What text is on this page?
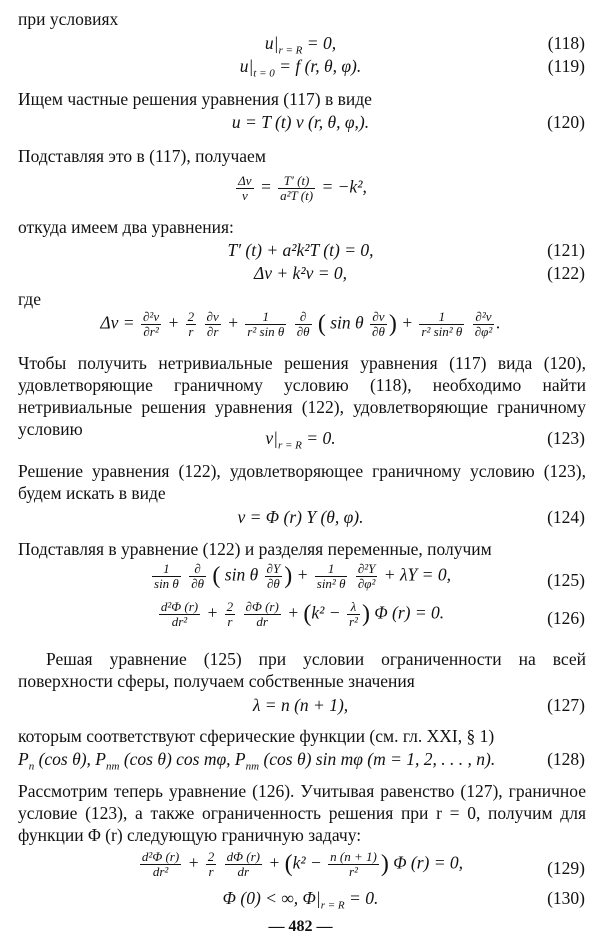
при условиях
$u|_{r = R} = 0$,	(118)
$u|_{t = 0} = f$ (r, θ, φ).	(119)
Ищем частные решения уравнения (117) в виде
u = T (t) v (r, θ, φ,).	(120)
Подставляя это в (117), получаем
$\frac{\Delta v}{v} = \frac{T' (t)}{\text{a²T (t)}} = -k^2$,
откуда имеем два уравнения:
T′ (t) + a²k²T (t) = 0,	(121)
Δv + k²v = 0,	(122)
где
$\Delta v = \frac{\text{∂²v}}{\text{∂r²}} + \frac{2}{r}$
$\frac{\partial v}{\partial r} + \frac{1}{\text{r² sin θ}}$
$\frac{\partial}{\partial\theta}$ ( sin θ $\frac{\partial v}{\partial\theta}$ ) + $\frac{1}{\text{r² sin² θ}}$
$\frac{\text{∂²v}}{\text{∂φ²}}$ .
Чтобы получить нетривиальные решения уравнения (117) вида (120), удовлетворяющие граничному условию (118), необходимо найти нетривиальные решения уравнения (122), удовлетворяющие граничному условию	$v|_{r = R} = 0$.	(123)
Решение уравнения (122), удовлетворяющее граничному условию (123), будем искать в виде
v = Φ (r) Y (θ, φ).	(124)
Подставляя в уравнение (122) и разделяя переменные, получим
$\frac{1}{\text{sin θ}}$
$\frac{\partial}{\partial\theta}$ ( sin θ $\frac{\partial Y}{\partial\theta}$ ) + $\frac{1}{\text{sin² θ}}$
$\frac{\text{∂²Y}}{\text{∂φ²}} + \lambda Y = 0$,	(125)
$\frac{\text{d²Φ (r)}}{\text{dr²}} + \frac{2}{r}$
$\frac{\partial\Phi (r)}{dr} + (k^2 - \frac{\lambda}{\text{r²}}$ ) Φ (r) = 0.	(126)
Решая уравнение (125) при условии ограниченности на всей поверхности сферы, получаем собственные значения
λ = n (n + 1),	(127)
которым соответствуют сферические функции (см. гл. XXI, § 1)
$P_n$ (cos θ), $P_{nm}$ (cos θ) cos mφ, $P_{nm}$ (cos θ) sin mφ (m = 1, 2, . . . , n).	(128)
Рассмотрим теперь уравнение (126). Учитывая равенство (127), граничное условие (123), а также ограниченность решения при r = 0, получим для функции Φ (r) следующую граничную задачу:
$\frac{\text{d²Φ (r)}}{\text{dr²}} + \frac{2}{r}$
$\frac{d\Phi (r)}{dr} + (k^2 - \frac{n (n + 1)}{\text{r²}}$ ) Φ (r) = 0,	(129)
Φ (0) < ∞, $\Phi|_{r = R} = 0$.	(130)
— 482 —
